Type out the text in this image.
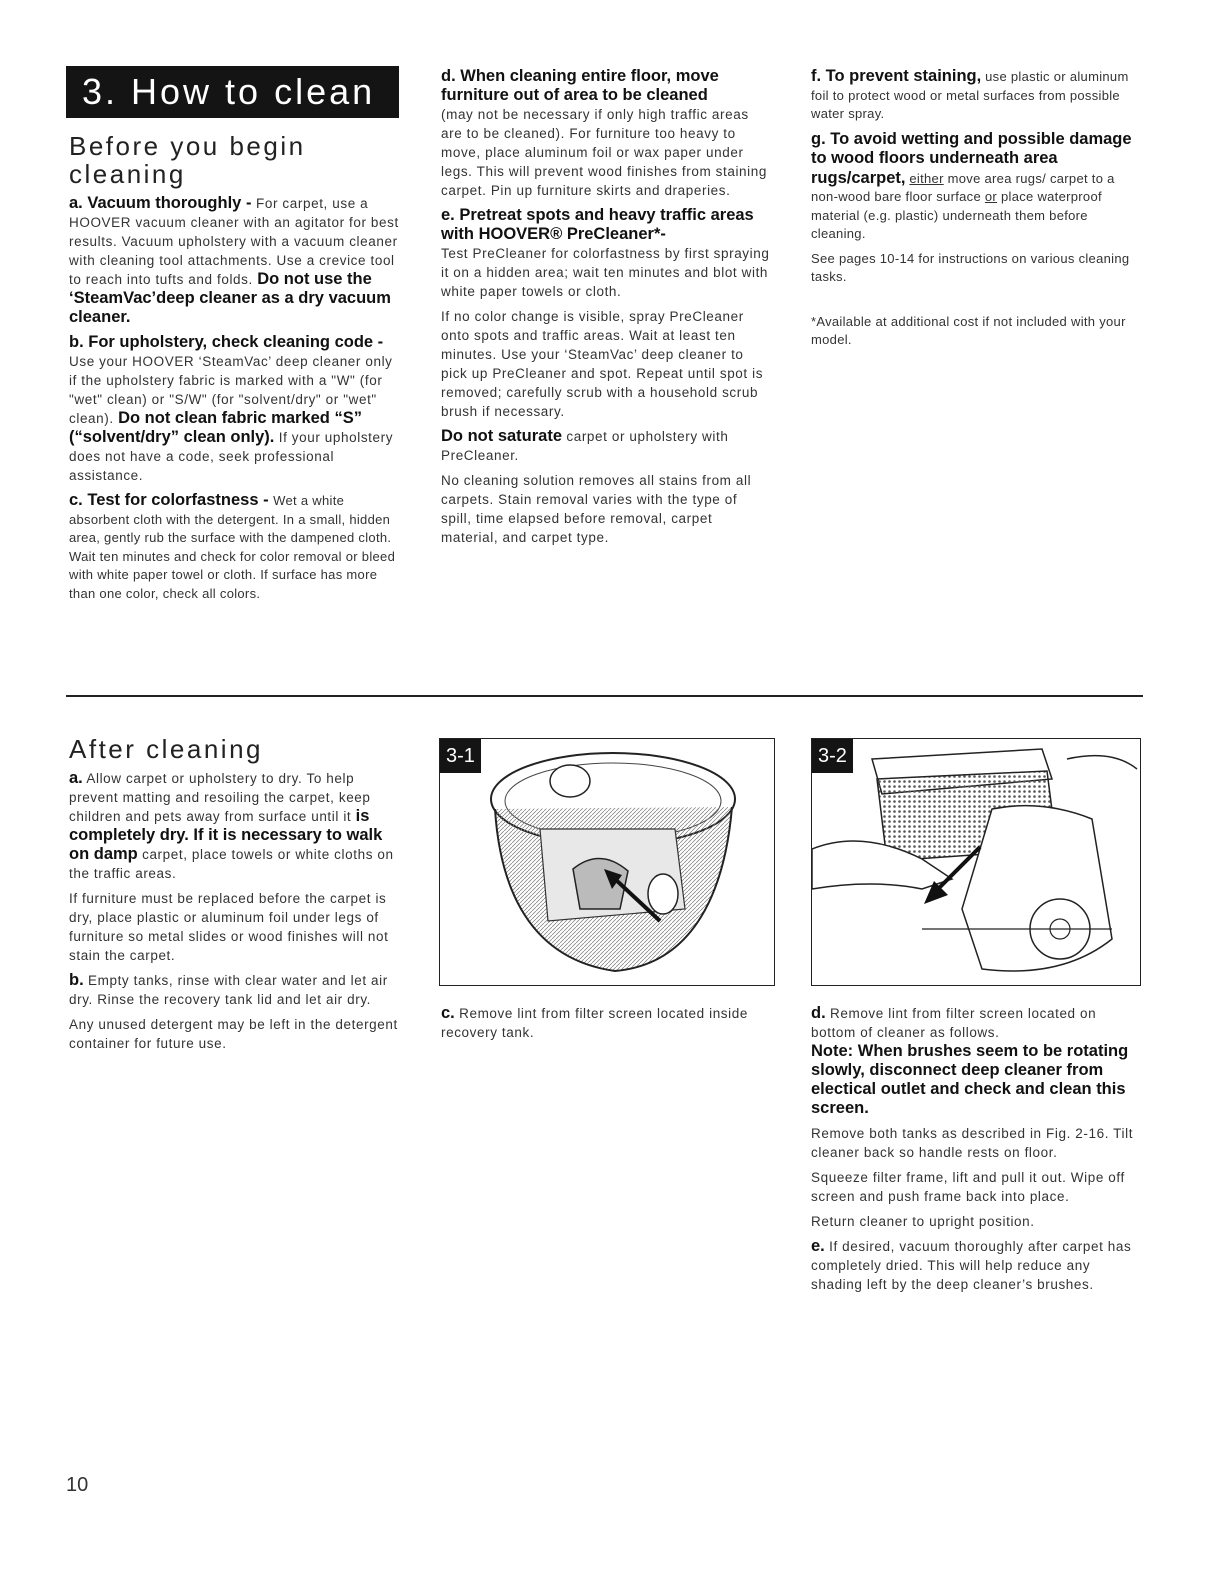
3. How to clean

Before you begin

cleaning

a. Vacuum thoroughly - For carpet, use a HOOVER vacuum cleaner with an agitator for best results. Vacuum upholstery with a vacuum cleaner with cleaning tool attachments. Use a crevice tool to reach into tufts and folds. Do not use the ‘SteamVac’deep cleaner as a dry vacuum cleaner.

b. For upholstery, check cleaning code - Use your HOOVER ‘SteamVac’ deep cleaner only if the upholstery fabric is marked with a "W" (for "wet" clean) or "S/W" (for "solvent/dry" or "wet" clean). Do not clean fabric marked “S” (“solvent/dry” clean only). If your upholstery does not have a code, seek professional assistance.

c. Test for colorfastness - Wet a white absorbent cloth with the detergent. In a small, hidden area, gently rub the surface with the dampened cloth. Wait ten minutes and check for color removal or bleed with white paper towel or cloth. If surface has more than one color, check all colors.

d. When cleaning entire floor, move furniture out of area to be cleaned
(may not be necessary if only high traffic areas are to be cleaned). For furniture too heavy to move, place aluminum foil or wax paper under legs. This will prevent wood finishes from staining carpet. Pin up furniture skirts and draperies.

e. Pretreat spots and heavy traffic areas with HOOVER® PreCleaner*-
Test PreCleaner for colorfastness by first spraying it on a hidden area; wait ten minutes and blot with white paper towels or cloth.

If no color change is visible, spray PreCleaner onto spots and traffic areas. Wait at least ten minutes. Use your ‘SteamVac’ deep cleaner to pick up PreCleaner and spot. Repeat until spot is removed; carefully scrub with a household scrub brush if necessary.

Do not saturate carpet or upholstery with PreCleaner.

No cleaning solution removes all stains from all carpets. Stain removal varies with the type of spill, time elapsed before removal, carpet material, and carpet type.

f. To prevent staining, use plastic or aluminum foil to protect wood or metal surfaces from possible water spray.

g. To avoid wetting and possible damage to wood floors underneath area rugs/carpet, either move area rugs/ carpet to a non-wood bare floor surface or place waterproof material (e.g. plastic) underneath them before cleaning.

See pages 10-14 for instructions on various cleaning tasks.

*Available at additional cost if not included with your model.

After cleaning

a. Allow carpet or upholstery to dry. To help prevent matting and resoiling the carpet, keep children and pets away from surface until it is completely dry. If it is necessary to walk on damp carpet, place towels or white cloths on the traffic areas.

If furniture must be replaced before the carpet is dry, place plastic or aluminum foil under legs of furniture so metal slides or wood finishes will not stain the carpet.

b. Empty tanks, rinse with clear water and let air dry. Rinse the recovery tank lid and let air dry.

Any unused detergent may be left in the detergent container for future use.

3-1	3-2

c. Remove lint from filter screen located inside recovery tank.

d. Remove lint from filter screen located on bottom of cleaner as follows.

Note: When brushes seem to be rotating slowly, disconnect deep cleaner from electical outlet and check and clean this screen.

Remove both tanks as described in Fig. 2-16. Tilt cleaner back so handle rests on floor.

Squeeze filter frame, lift and pull it out. Wipe off screen and push frame back into place.

Return cleaner to upright position.

e. If desired, vacuum thoroughly after carpet has completely dried. This will help reduce any shading left by the deep cleaner’s brushes.

10
